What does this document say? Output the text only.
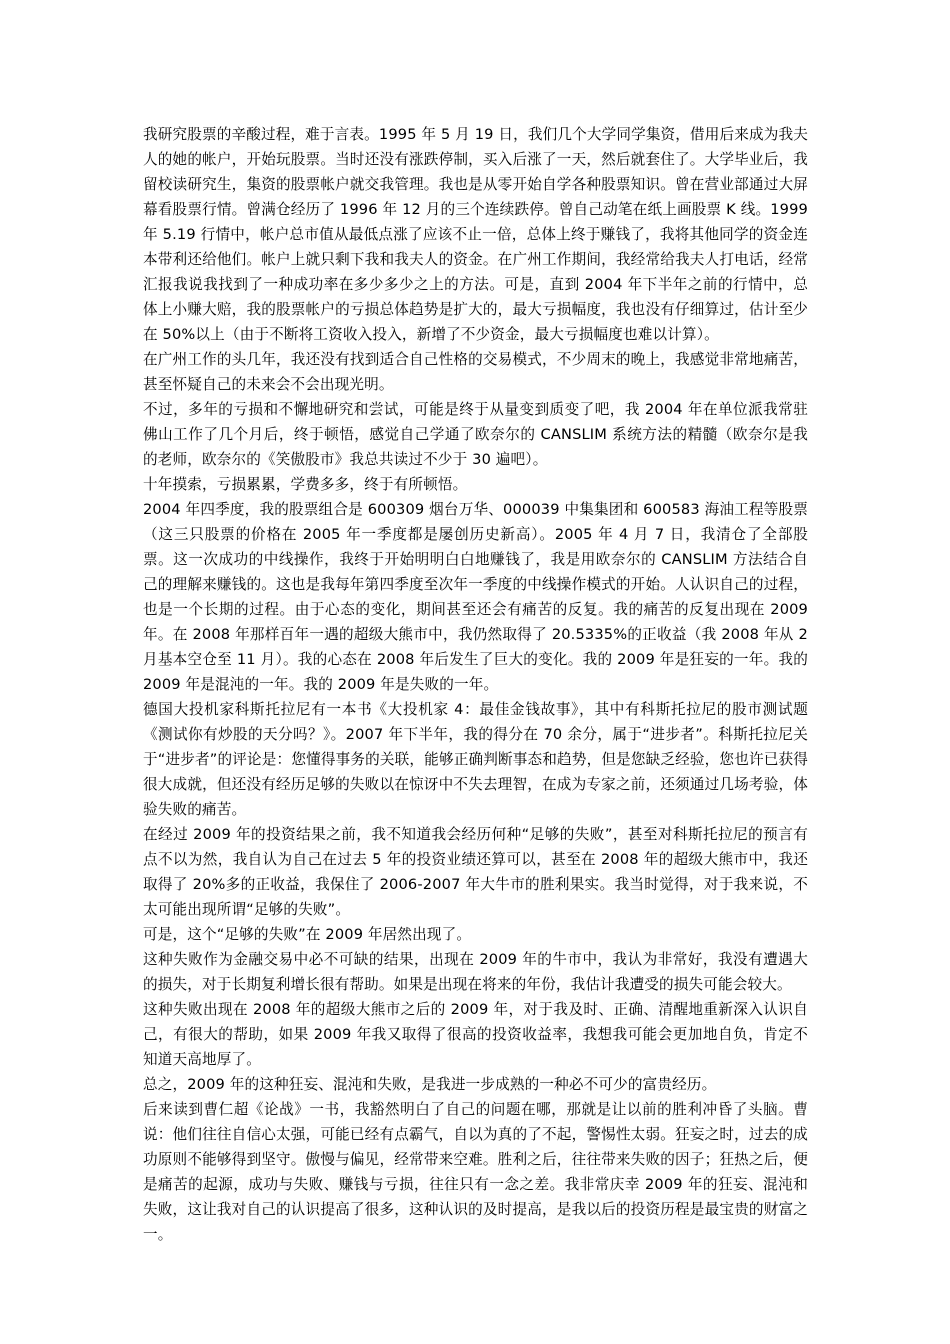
我研究股票的辛酸过程，难于言表。1995 年 5 月 19 日，我们几个大学同学集资，借用后来成为我夫人的她的帐户，开始玩股票。当时还没有涨跌停制，买入后涨了一天，然后就套住了。大学毕业后，我留校读研究生，集资的股票帐户就交我管理。我也是从零开始自学各种股票知识。曾在营业部通过大屏幕看股票行情。曾满仓经历了 1996 年 12 月的三个连续跌停。曾自己动笔在纸上画股票 K 线。1999 年 5.19 行情中，帐户总市值从最低点涨了应该不止一倍，总体上终于赚钱了，我将其他同学的资金连本带利还给他们。帐户上就只剩下我和我夫人的资金。在广州工作期间，我经常给我夫人打电话，经常汇报我说我找到了一种成功率在多少多少之上的方法。可是，直到 2004 年下半年之前的行情中，总体上小赚大赔，我的股票帐户的亏损总体趋势是扩大的，最大亏损幅度，我也没有仔细算过，估计至少在 50%以上（由于不断将工资收入投入，新增了不少资金，最大亏损幅度也难以计算）。

在广州工作的头几年，我还没有找到适合自己性格的交易模式，不少周末的晚上，我感觉非常地痛苦，甚至怀疑自己的未来会不会出现光明。

不过，多年的亏损和不懈地研究和尝试，可能是终于从量变到质变了吧，我 2004 年在单位派我常驻佛山工作了几个月后，终于顿悟，感觉自己学通了欧奈尔的 CANSLIM 系统方法的精髓（欧奈尔是我的老师，欧奈尔的《笑傲股市》我总共读过不少于 30 遍吧）。

十年摸索，亏损累累，学费多多，终于有所顿悟。

2004 年四季度，我的股票组合是 600309 烟台万华、000039 中集集团和 600583 海油工程等股票（这三只股票的价格在 2005 年一季度都是屡创历史新高）。2005 年 4 月 7 日，我清仓了全部股票。这一次成功的中线操作，我终于开始明明白白地赚钱了，我是用欧奈尔的 CANSLIM 方法结合自己的理解来赚钱的。这也是我每年第四季度至次年一季度的中线操作模式的开始。人认识自己的过程，也是一个长期的过程。由于心态的变化，期间甚至还会有痛苦的反复。我的痛苦的反复出现在 2009 年。在 2008 年那样百年一遇的超级大熊市中，我仍然取得了 20.5335%的正收益（我 2008 年从 2 月基本空仓至 11 月）。我的心态在 2008 年后发生了巨大的变化。我的 2009 年是狂妄的一年。我的 2009 年是混沌的一年。我的 2009 年是失败的一年。

德国大投机家科斯托拉尼有一本书《大投机家 4：最佳金钱故事》，其中有科斯托拉尼的股市测试题《测试你有炒股的天分吗？》。2007 年下半年，我的得分在 70 余分，属于“进步者”。科斯托拉尼关于“进步者”的评论是：您懂得事务的关联，能够正确判断事态和趋势，但是您缺乏经验，您也许已获得很大成就，但还没有经历足够的失败以在惊讶中不失去理智，在成为专家之前，还须通过几场考验，体验失败的痛苦。

在经过 2009 年的投资结果之前，我不知道我会经历何种“足够的失败”，甚至对科斯托拉尼的预言有点不以为然，我自认为自己在过去 5 年的投资业绩还算可以，甚至在 2008 年的超级大熊市中，我还取得了 20%多的正收益，我保住了 2006-2007 年大牛市的胜利果实。我当时觉得，对于我来说，不太可能出现所谓“足够的失败”。

可是，这个“足够的失败”在 2009 年居然出现了。

这种失败作为金融交易中必不可缺的结果，出现在 2009 年的牛市中，我认为非常好，我没有遭遇大的损失，对于长期复利增长很有帮助。如果是出现在将来的年份，我估计我遭受的损失可能会较大。

这种失败出现在 2008 年的超级大熊市之后的 2009 年，对于我及时、正确、清醒地重新深入认识自己，有很大的帮助，如果 2009 年我又取得了很高的投资收益率，我想我可能会更加地自负，肯定不知道天高地厚了。

总之，2009 年的这种狂妄、混沌和失败，是我进一步成熟的一种必不可少的富贵经历。

后来读到曹仁超《论战》一书，我豁然明白了自己的问题在哪，那就是让以前的胜利冲昏了头脑。曹说：他们往往自信心太强，可能已经有点霸气，自以为真的了不起，警惕性太弱。狂妄之时，过去的成功原则不能够得到坚守。傲慢与偏见，经常带来空难。胜利之后，往往带来失败的因子；狂热之后，便是痛苦的起源，成功与失败、赚钱与亏损，往往只有一念之差。我非常庆幸 2009 年的狂妄、混沌和失败，这让我对自己的认识提高了很多，这种认识的及时提高，是我以后的投资历程是最宝贵的财富之一。
